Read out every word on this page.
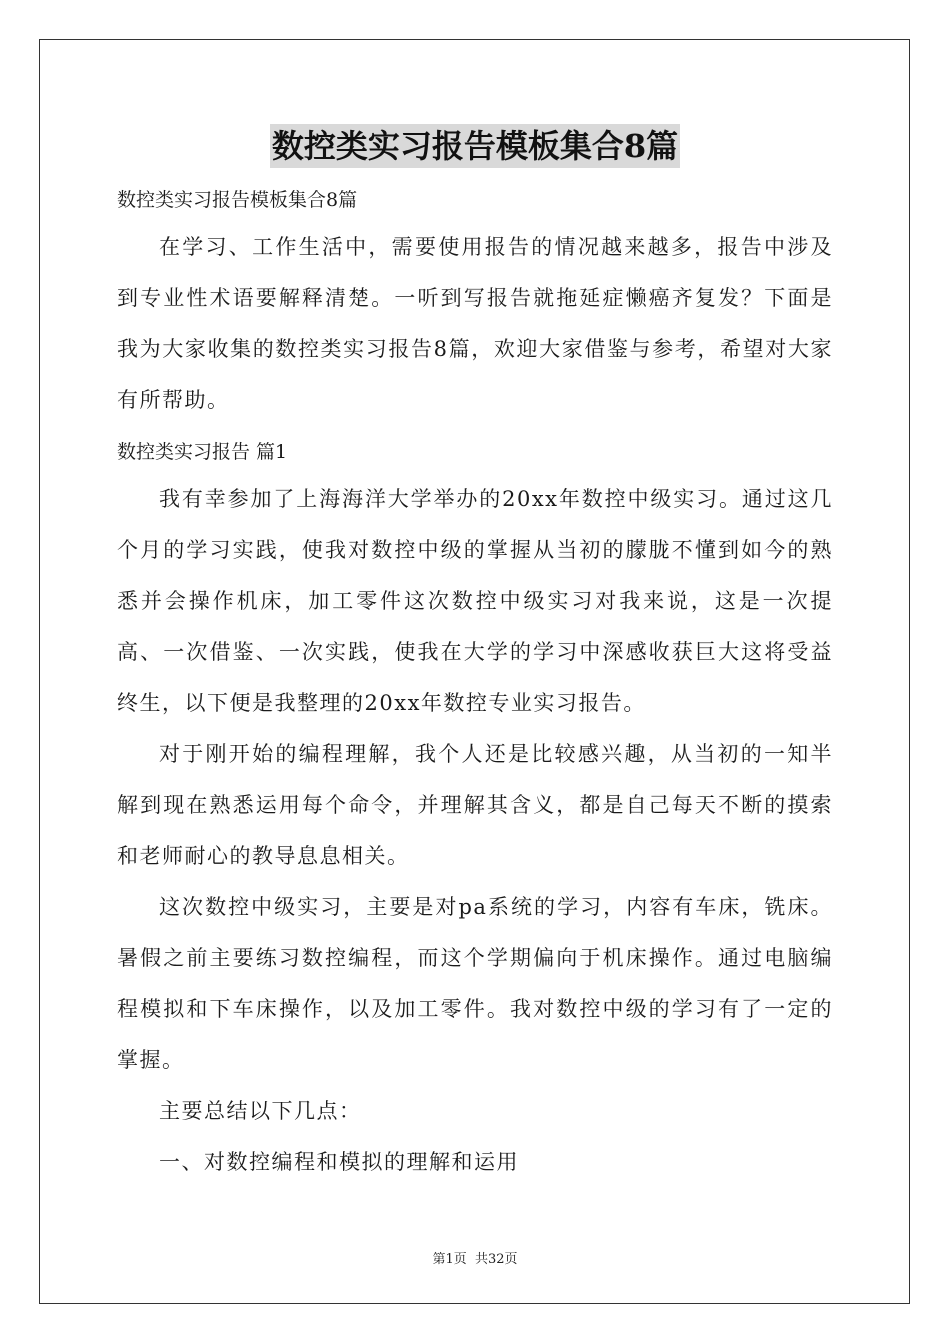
数控类实习报告模板集合8篇
数控类实习报告模板集合8篇

在学习、工作生活中，需要使用报告的情况越来越多，报告中涉及到专业性术语要解释清楚。一听到写报告就拖延症懒癌齐复发？下面是我为大家收集的数控类实习报告8篇，欢迎大家借鉴与参考，希望对大家有所帮助。

数控类实习报告 篇1

我有幸参加了上海海洋大学举办的20xx年数控中级实习。通过这几个月的学习实践，使我对数控中级的掌握从当初的朦胧不懂到如今的熟悉并会操作机床，加工零件这次数控中级实习对我来说，这是一次提高、一次借鉴、一次实践，使我在大学的学习中深感收获巨大这将受益终生，以下便是我整理的20xx年数控专业实习报告。

对于刚开始的编程理解，我个人还是比较感兴趣，从当初的一知半解到现在熟悉运用每个命令，并理解其含义，都是自己每天不断的摸索和老师耐心的教导息息相关。

这次数控中级实习，主要是对pa系统的学习，内容有车床，铣床。暑假之前主要练习数控编程，而这个学期偏向于机床操作。通过电脑编程模拟和下车床操作，以及加工零件。我对数控中级的学习有了一定的掌握。

主要总结以下几点：

一、对数控编程和模拟的理解和运用

第1页 共32页
